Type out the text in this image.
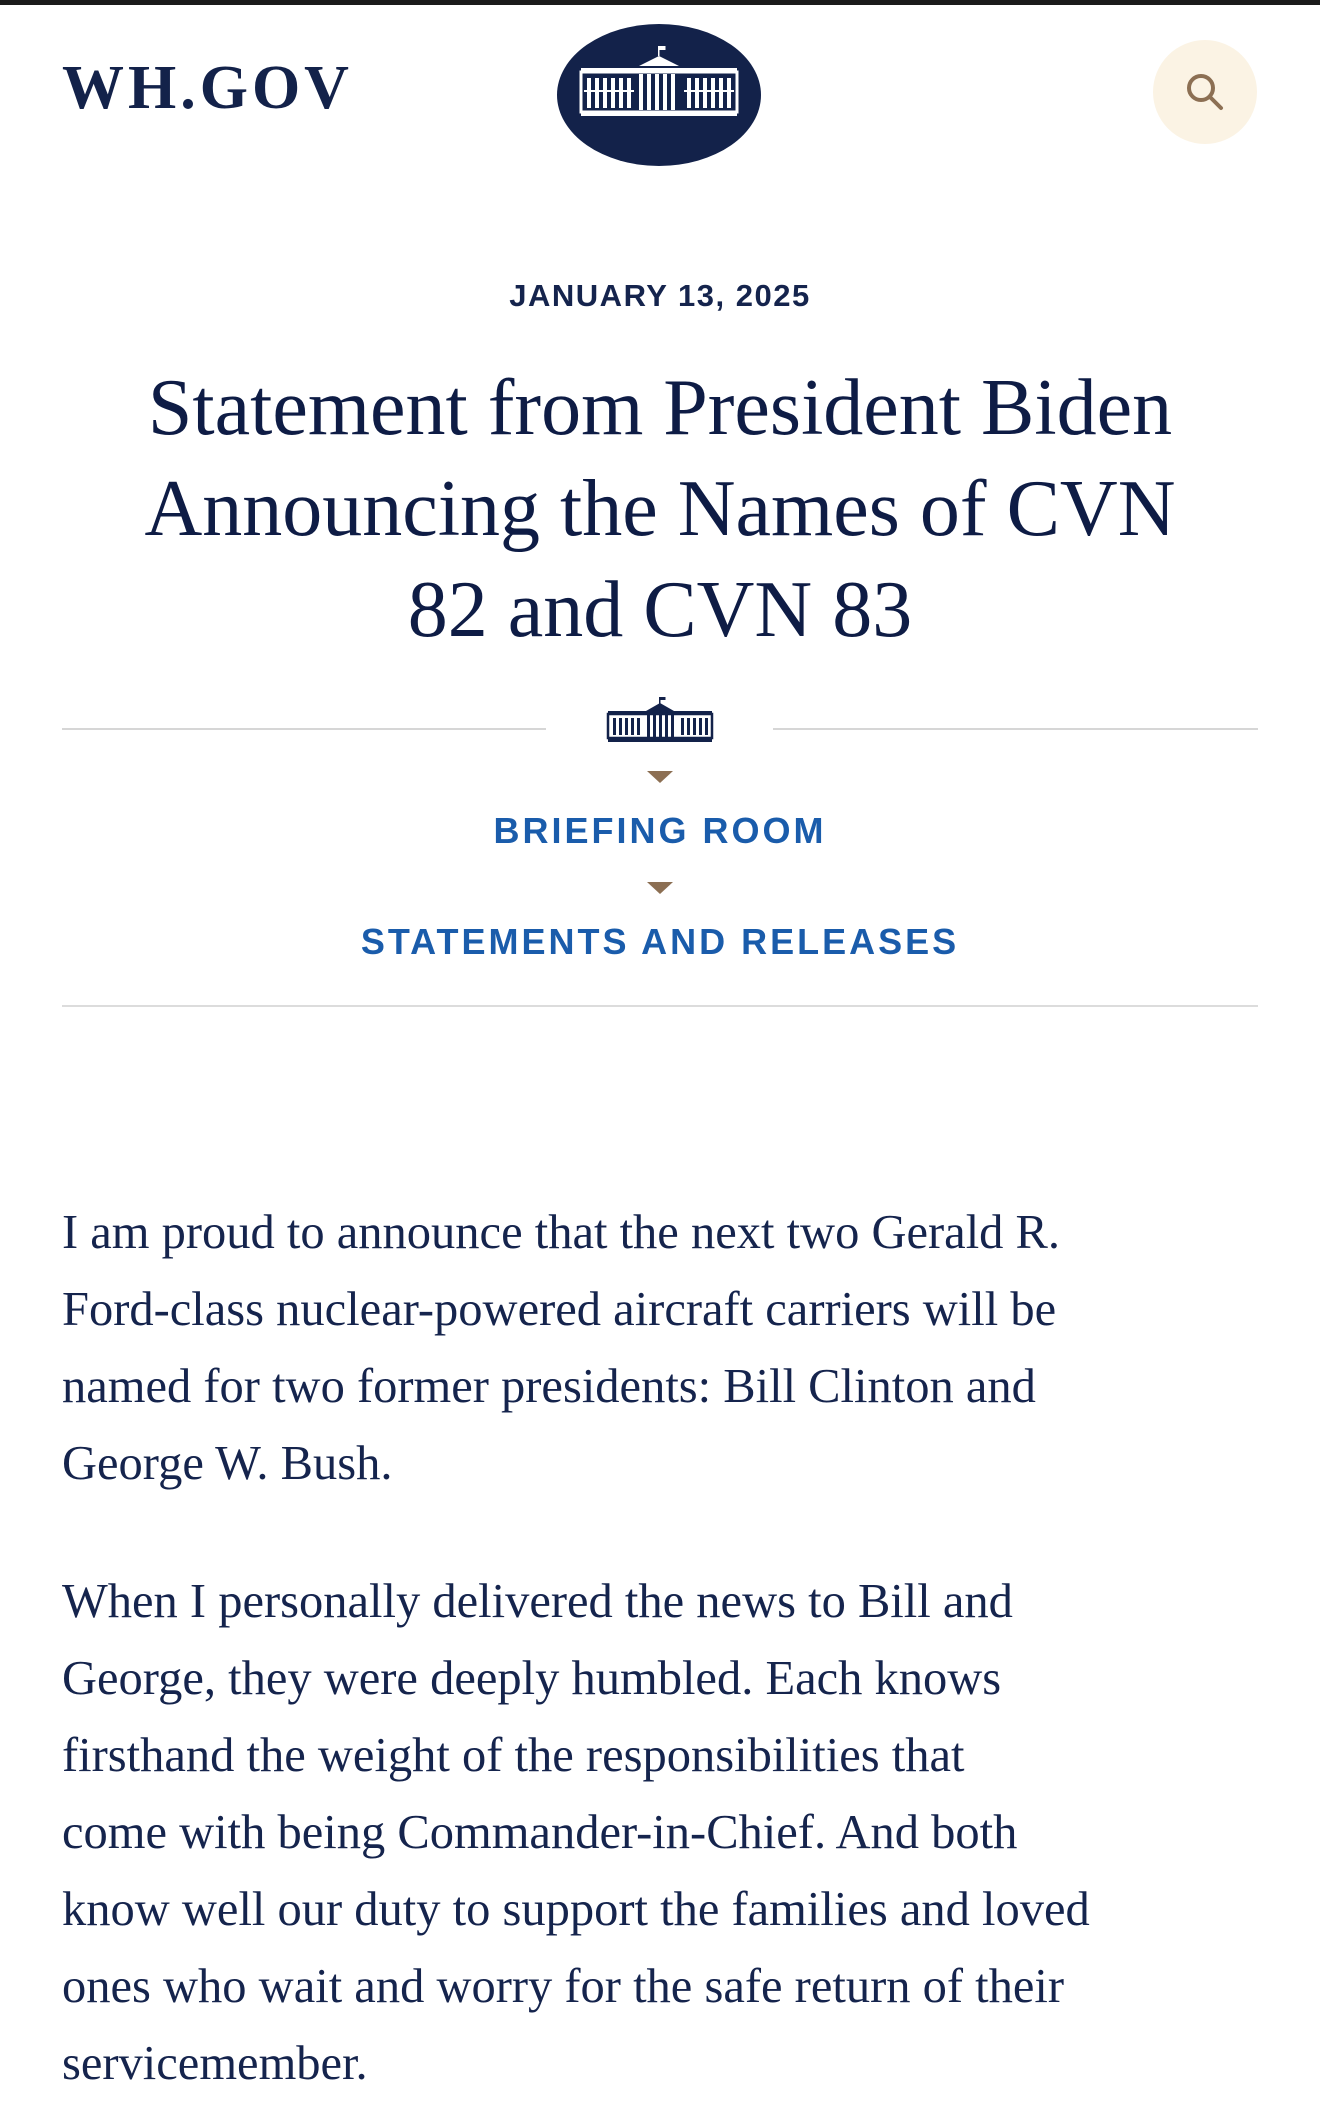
WH.GOV
JANUARY 13, 2025
Statement from President Biden
Announcing the Names of CVN
82 and CVN 83
BRIEFING ROOM
STATEMENTS AND RELEASES

I am proud to announce that the next two Gerald R.
Ford-class nuclear-powered aircraft carriers will be
named for two former presidents: Bill Clinton and
George W. Bush.

When I personally delivered the news to Bill and
George, they were deeply humbled. Each knows
firsthand the weight of the responsibilities that
come with being Commander-in-Chief. And both
know well our duty to support the families and loved
ones who wait and worry for the safe return of their
servicemember.
